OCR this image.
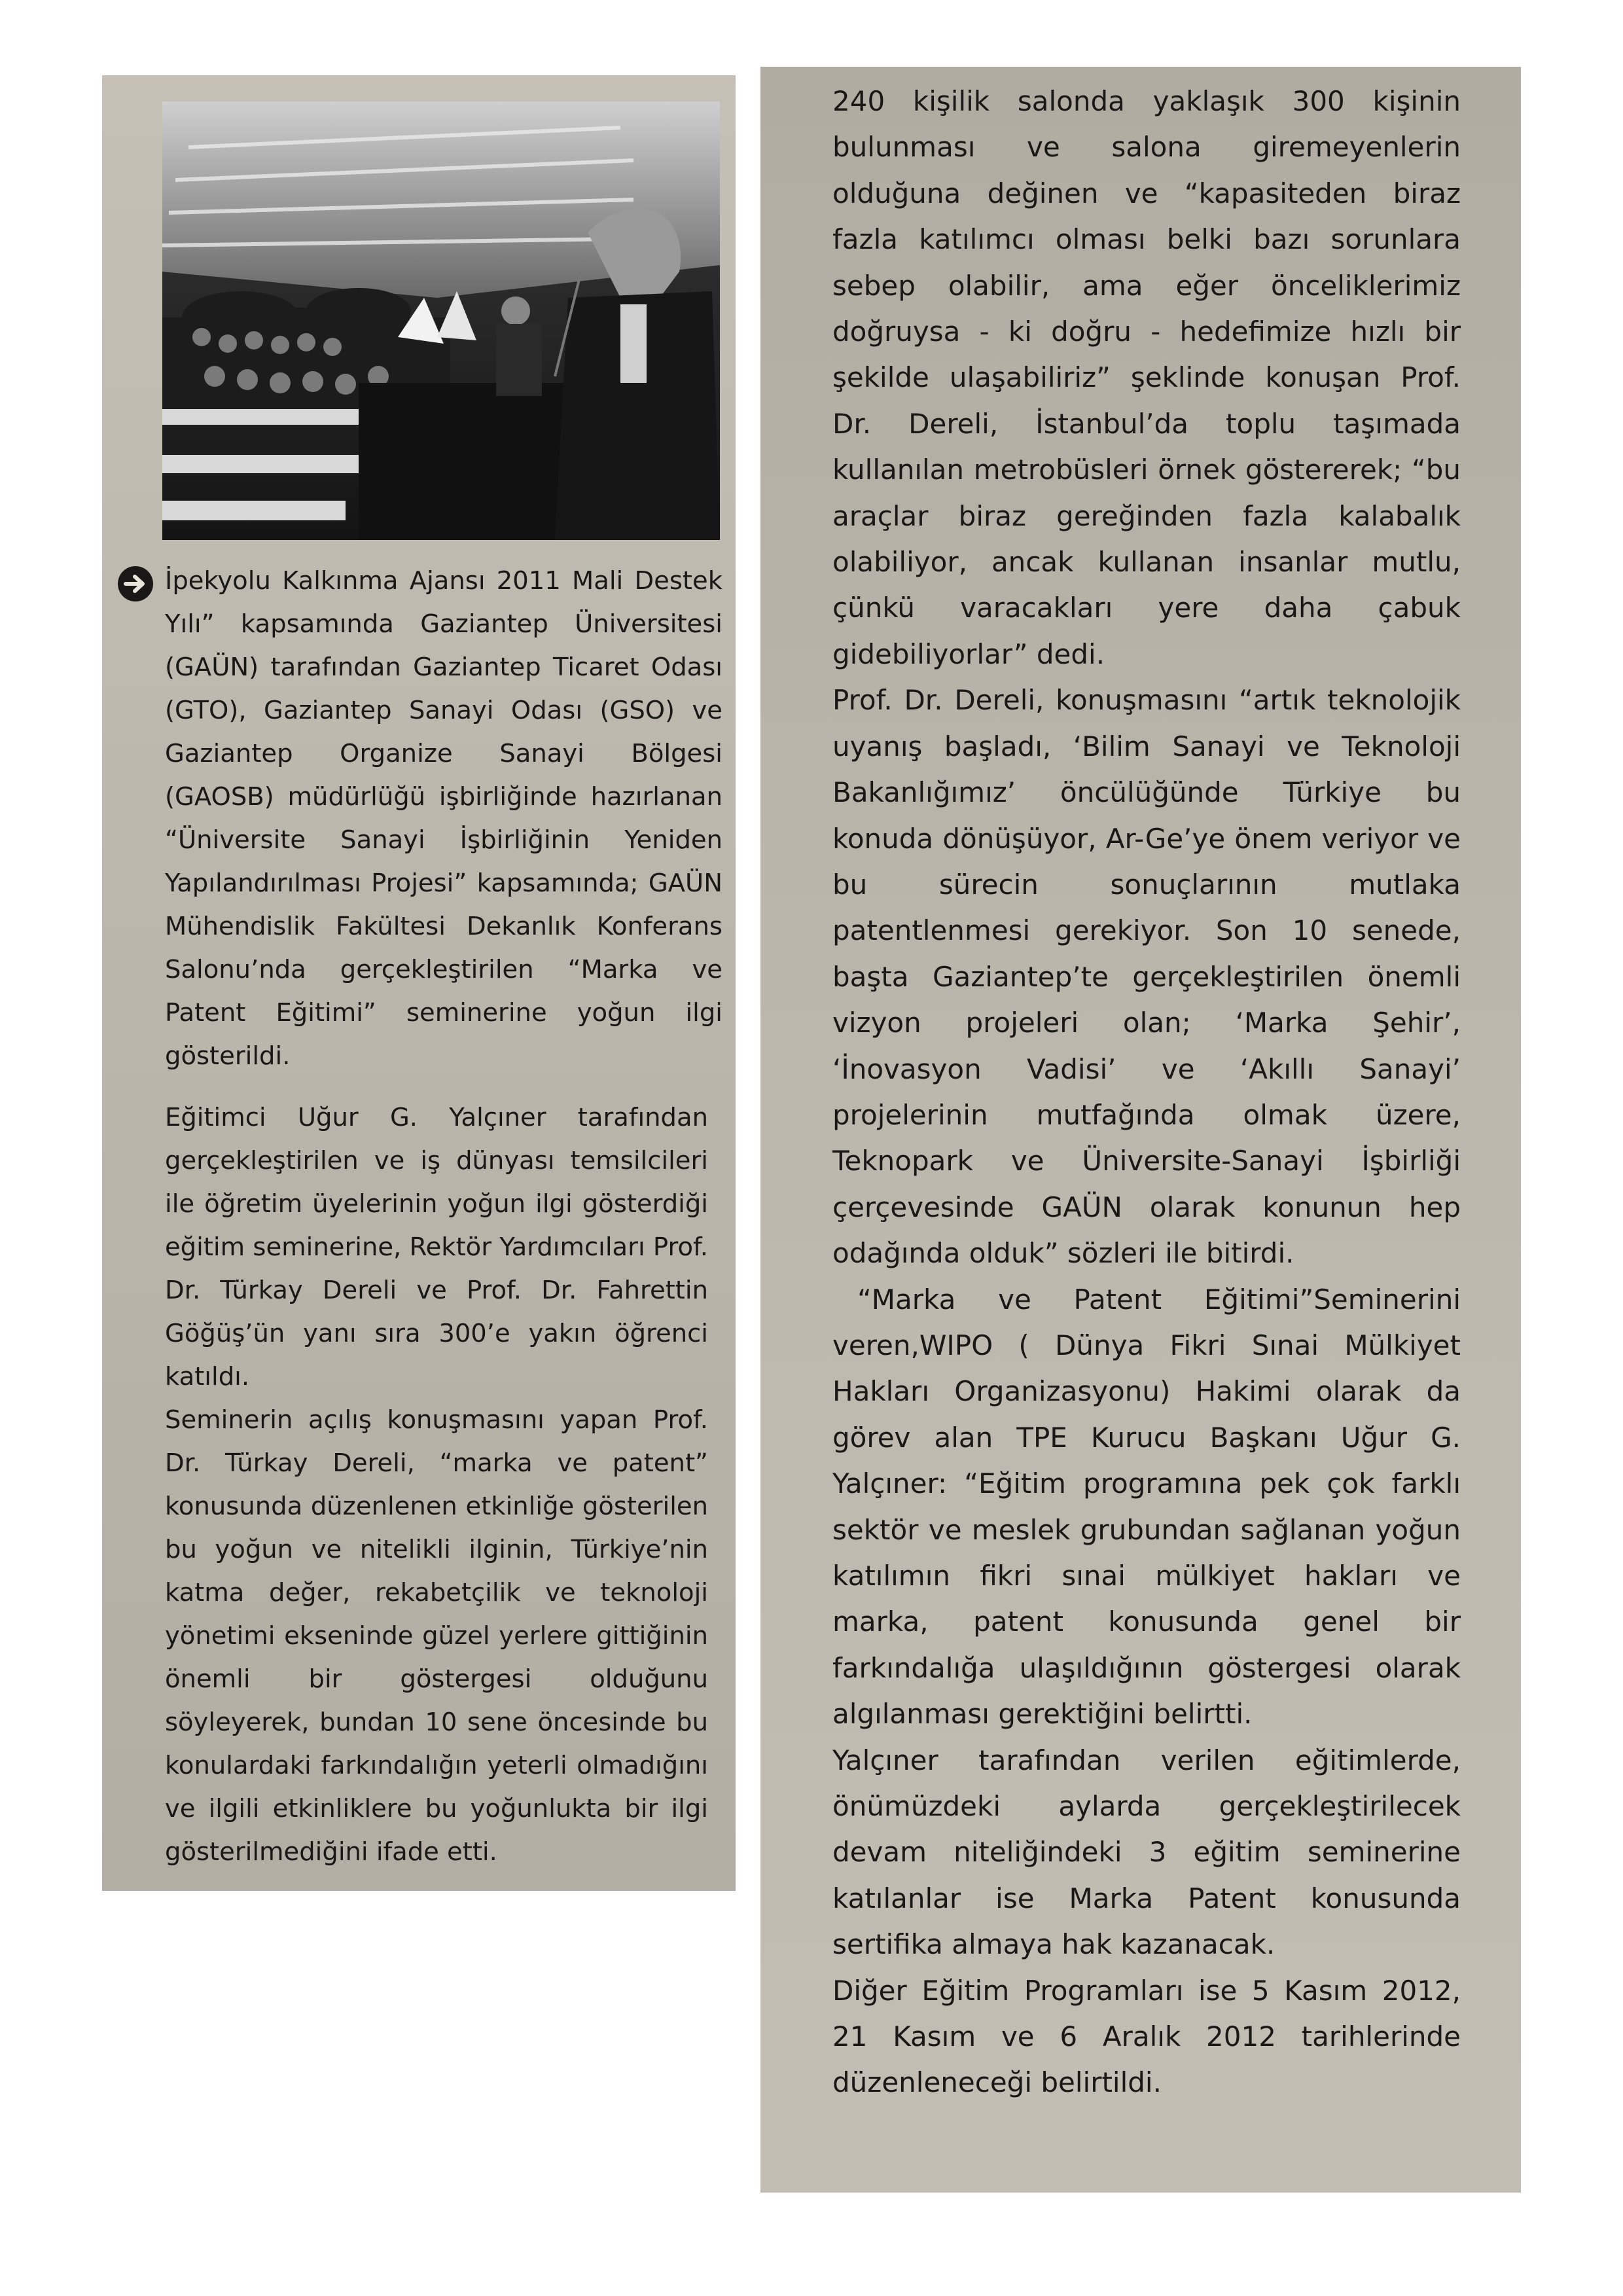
İpekyolu Kalkınma Ajansı 2011 Mali Destek Yılı” kapsamında Gaziantep Üniversitesi (GAÜN) tarafından Gaziantep Ticaret Odası (GTO), Gaziantep Sanayi Odası (GSO) ve Gaziantep Organize Sanayi Bölgesi (GAOSB) müdürlüğü işbirliğinde hazırlanan “Üniversite Sanayi İşbirliğinin Yeniden Yapılandırılması Projesi” kapsamında; GAÜN Mühendislik Fakültesi Dekanlık Konferans Salonu’nda gerçekleştirilen “Marka ve Patent Eğitimi” seminerine yoğun ilgi gösterildi.

Eğitimci Uğur G. Yalçıner tarafından gerçekleştirilen ve iş dünyası temsilcileri ile öğretim üyelerinin yoğun ilgi gösterdiği eğitim seminerine, Rektör Yardımcıları Prof. Dr. Türkay Dereli ve Prof. Dr. Fahrettin Göğüş’ün yanı sıra 300’e yakın öğrenci katıldı.

Seminerin açılış konuşmasını yapan Prof. Dr. Türkay Dereli, “marka ve patent” konusunda düzenlenen etkinliğe gösterilen bu yoğun ve nitelikli ilginin, Türkiye’nin katma değer, rekabetçilik ve teknoloji yönetimi ekseninde güzel yerlere gittiğinin önemli bir göstergesi olduğunu söyleyerek, bundan 10 sene öncesinde bu konulardaki farkındalığın yeterli olmadığını ve ilgili etkinliklere bu yoğunlukta bir ilgi gösterilmediğini ifade etti.

240 kişilik salonda yaklaşık 300 kişinin bulunması ve salona giremeyenlerin olduğuna değinen ve “kapasiteden biraz fazla katılımcı olması belki bazı sorunlara sebep olabilir, ama eğer önceliklerimiz doğruysa - ki doğru - hedefimize hızlı bir şekilde ulaşabiliriz” şeklinde konuşan Prof. Dr. Dereli, İstanbul’da toplu taşımada kullanılan metrobüsleri örnek göstererek; “bu araçlar biraz gereğinden fazla kalabalık olabiliyor, ancak kullanan insanlar mutlu, çünkü varacakları yere daha çabuk gidebiliyorlar” dedi.

Prof. Dr. Dereli, konuşmasını “artık teknolojik uyanış başladı, ‘Bilim Sanayi ve Teknoloji Bakanlığımız’ öncülüğünde Türkiye bu konuda dönüşüyor, Ar-Ge’ye önem veriyor ve bu sürecin sonuçlarının mutlaka patentlenmesi gerekiyor. Son 10 senede, başta Gaziantep’te gerçekleştirilen önemli vizyon projeleri olan; ‘Marka Şehir’, ‘İnovasyon Vadisi’ ve ‘Akıllı Sanayi’ projelerinin mutfağında olmak üzere, Teknopark ve Üniversite-Sanayi İşbirliği çerçevesinde GAÜN olarak konunun hep odağında olduk” sözleri ile bitirdi.

“Marka ve Patent Eğitimi”Seminerini veren,WIPO ( Dünya Fikri Sınai Mülkiyet Hakları Organizasyonu) Hakimi olarak da görev alan TPE Kurucu Başkanı Uğur G. Yalçıner: “Eğitim programına pek çok farklı sektör ve meslek grubundan sağlanan yoğun katılımın fikri sınai mülkiyet hakları ve marka, patent konusunda genel bir farkındalığa ulaşıldığının göstergesi olarak algılanması gerektiğini belirtti.

Yalçıner tarafından verilen eğitimlerde, önümüzdeki aylarda gerçekleştirilecek devam niteliğindeki 3 eğitim seminerine katılanlar ise Marka Patent konusunda sertifika almaya hak kazanacak.

Diğer Eğitim Programları ise 5 Kasım 2012, 21 Kasım ve 6 Aralık 2012 tarihlerinde düzenleneceği belirtildi.
